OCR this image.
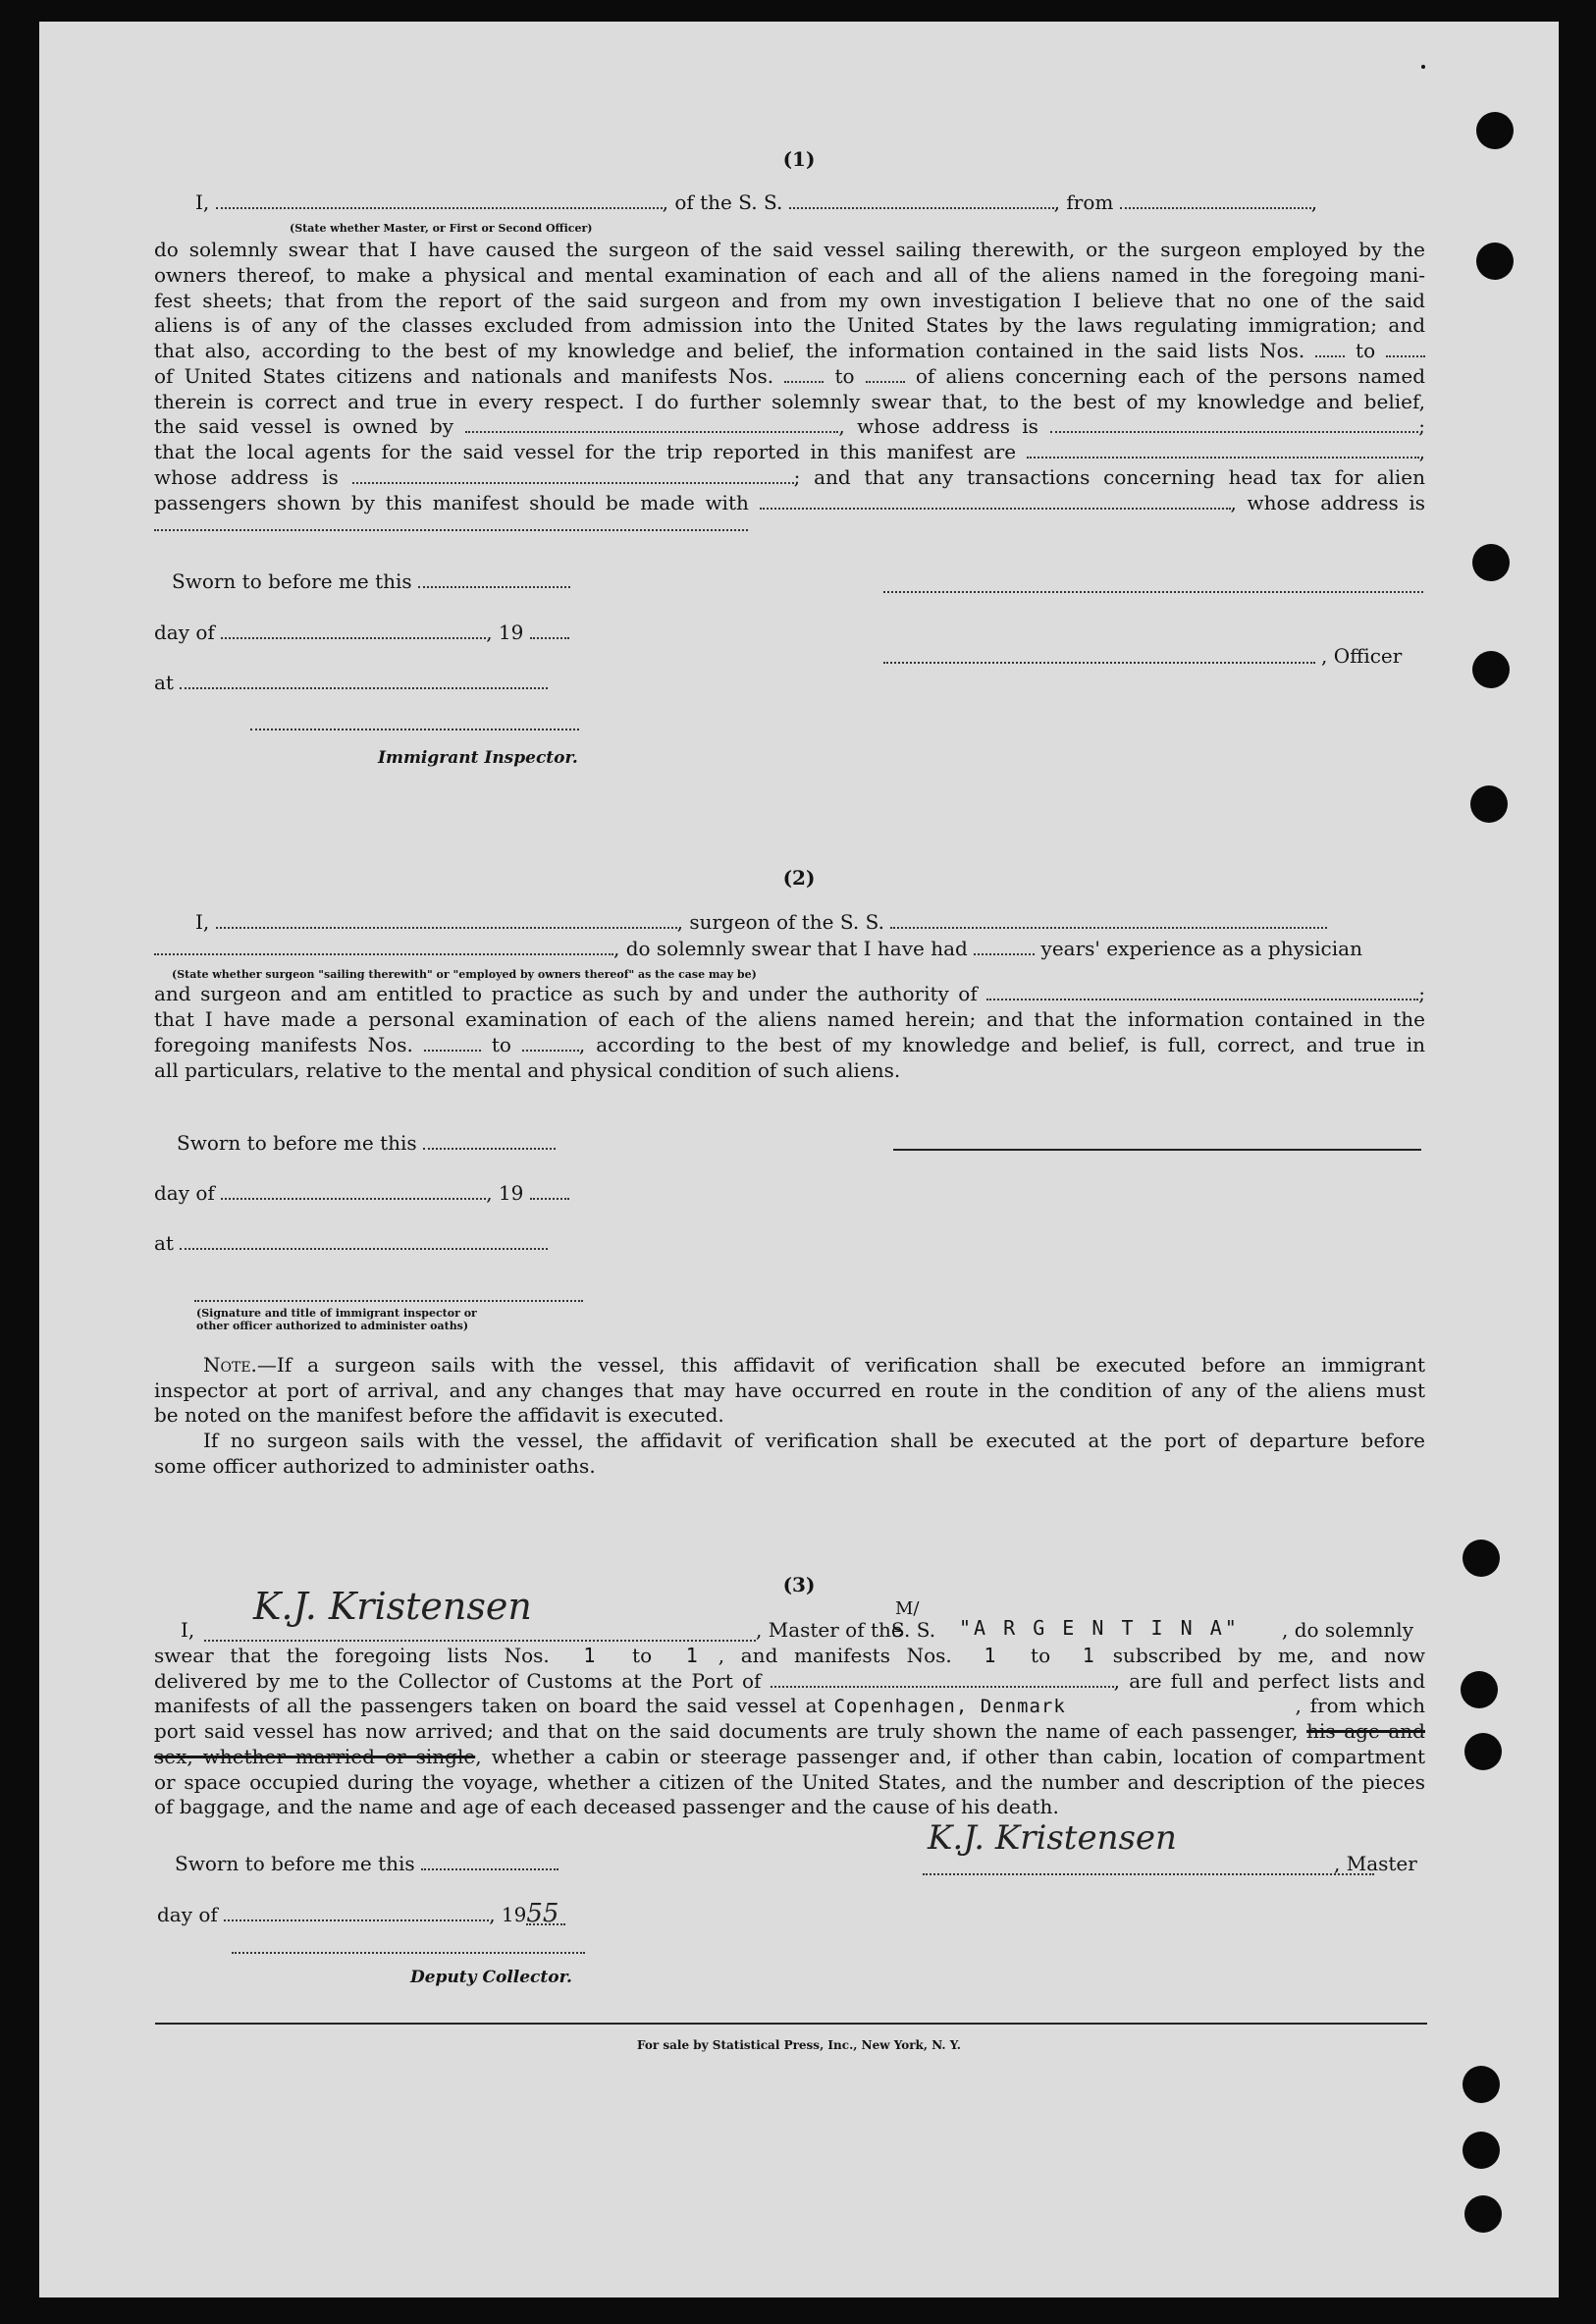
(1)
I,	, of the S. S.	, from	,
(State whether Master, or First or Second Officer)
do solemnly swear that I have caused the surgeon of the said vessel sailing therewith, or the surgeon employed by the
owners thereof, to make a physical and mental examination of each and all of the aliens named in the foregoing mani-
fest sheets; that from the report of the said surgeon and from my own investigation I believe that no one of the said
aliens is of any of the classes excluded from admission into the United States by the laws regulating immigration; and
that also, according to the best of my knowledge and belief, the information contained in the said lists Nos.	to
of United States citizens and nationals and manifests Nos.	to	of aliens concerning each of the persons named
therein is correct and true in every respect. I do further solemnly swear that, to the best of my knowledge and belief,
the said vessel is owned by	, whose address is	;
that the local agents for the said vessel for the trip reported in this manifest are	,
whose address is	; and that any transactions concerning head tax for alien
passengers shown by this manifest should be made with	, whose address is
Sworn to before me this
day of	, 19
at
Immigrant Inspector.
, Officer
(2)
I,	, surgeon of the S. S.
, do solemnly swear that I have had	years' experience as a physician
(State whether surgeon "sailing therewith" or "employed by owners thereof" as the case may be)
and surgeon and am entitled to practice as such by and under the authority of	;
that I have made a personal examination of each of the aliens named herein; and that the information contained in the
foregoing manifests Nos.	to	, according to the best of my knowledge and belief, is full, correct, and true in
all particulars, relative to the mental and physical condition of such aliens.
Sworn to before me this
day of	, 19
at
(Signature and title of immigrant inspector or
other officer authorized to administer oaths)
Note.—If a surgeon sails with the vessel, this affidavit of verification shall be executed before an immigrant
inspector at port of arrival, and any changes that may have occurred en route in the condition of any of the aliens must
be noted on the manifest before the affidavit is executed.
If no surgeon sails with the vessel, the affidavit of verification shall be executed at the port of departure before
some officer authorized to administer oaths.
(3)
I,
K.J. Kristensen
, Master of the
M/
S. S. "A R G E N T I N A" , do solemnly
swear that the foregoing lists Nos. 1 to 1 , and manifests Nos. 1 to 1 subscribed by me, and now
delivered by me to the Collector of Customs at the Port of	, are full and perfect lists and
manifests of all the passengers taken on board the said vessel at Copenhagen, Denmark	, from which
port said vessel has now arrived; and that on the said documents are truly shown the name of each passenger, his age and
sex, whether married or single, whether a cabin or steerage passenger and, if other than cabin, location of compartment
or space occupied during the voyage, whether a citizen of the United States, and the number and description of the pieces
of baggage, and the name and age of each deceased passenger and the cause of his death.
Sworn to before me this
K.J. Kristensen
, Master
day of	, 1955
Deputy Collector.
For sale by Statistical Press, Inc., New York, N. Y.
